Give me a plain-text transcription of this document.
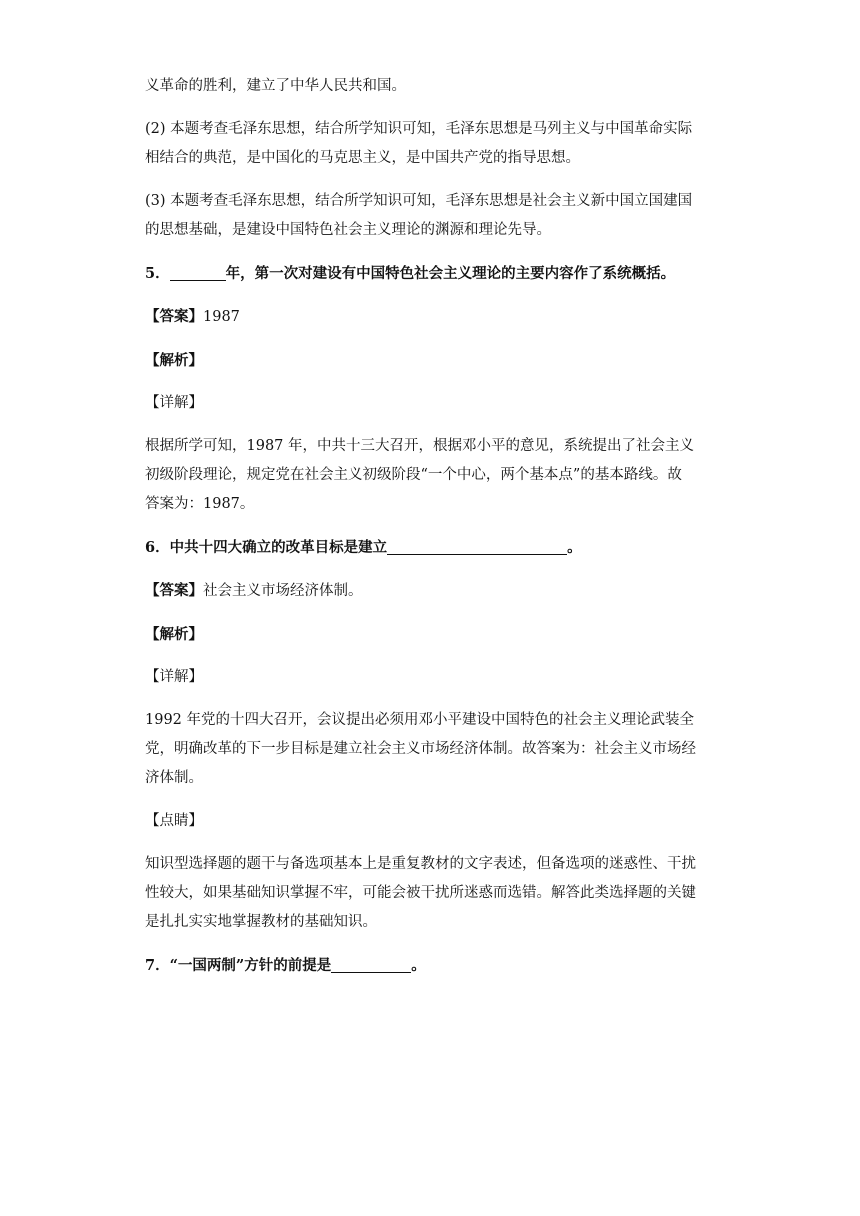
义革命的胜利，建立了中华人民共和国。

(2) 本题考查毛泽东思想，结合所学知识可知，毛泽东思想是马列主义与中国革命实际

相结合的典范，是中国化的马克思主义，是中国共产党的指导思想。

(3) 本题考查毛泽东思想，结合所学知识可知，毛泽东思想是社会主义新中国立国建国

的思想基础，是建设中国特色社会主义理论的渊源和理论先导。

5．	年，第一次对建设有中国特色社会主义理论的主要内容作了系统概括。

【答案】1987

【解析】

【详解】

根据所学可知，1987 年，中共十三大召开，根据邓小平的意见，系统提出了社会主义

初级阶段理论，规定党在社会主义初级阶段“一个中心，两个基本点”的基本路线。故

答案为：1987。

6．中共十四大确立的改革目标是建立	。

【答案】社会主义市场经济体制。

【解析】

【详解】

1992 年党的十四大召开，会议提出必须用邓小平建设中国特色的社会主义理论武装全

党，明确改革的下一步目标是建立社会主义市场经济体制。故答案为：社会主义市场经

济体制。

【点睛】

知识型选择题的题干与备选项基本上是重复教材的文字表述，但备选项的迷惑性、干扰

性较大，如果基础知识掌握不牢，可能会被干扰所迷惑而选错。解答此类选择题的关键

是扎扎实实地掌握教材的基础知识。

7．“一国两制”方针的前提是	。
